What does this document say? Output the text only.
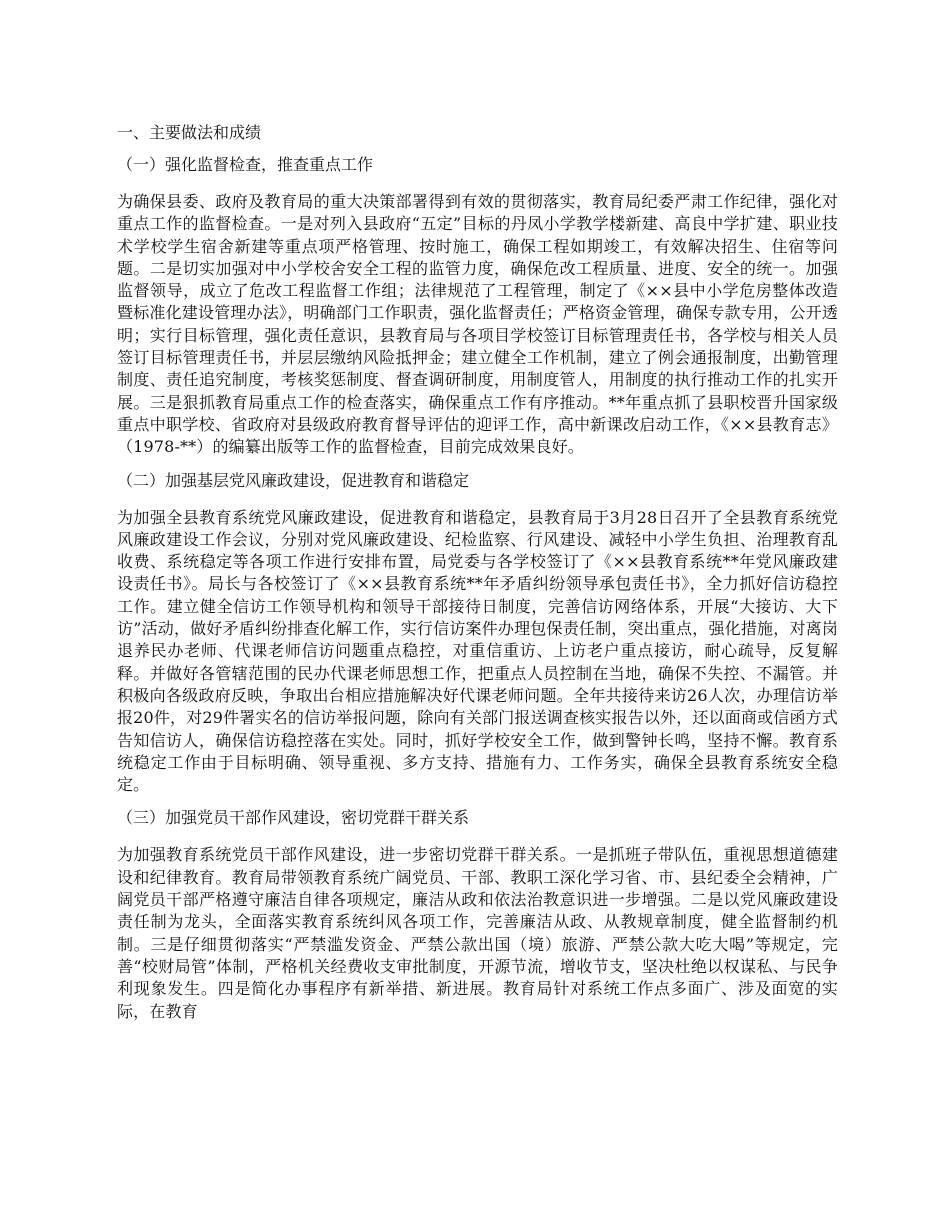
一、主要做法和成绩
（一）强化监督检查，推查重点工作
为确保县委、政府及教育局的重大决策部署得到有效的贯彻落实，教育局纪委严肃工作纪律，强化对重点工作的监督检查。一是对列入县政府“五定”目标的丹凤小学教学楼新建、高良中学扩建、职业技术学校学生宿舍新建等重点项严格管理、按时施工，确保工程如期竣工，有效解决招生、住宿等问题。二是切实加强对中小学校舍安全工程的监管力度，确保危改工程质量、进度、安全的统一。加强监督领导，成立了危改工程监督工作组；法律规范了工程管理，制定了《××县中小学危房整体改造暨标准化建设管理办法》，明确部门工作职责，强化监督责任；严格资金管理，确保专款专用，公开透明；实行目标管理，强化责任意识，县教育局与各项目学校签订目标管理责任书，各学校与相关人员签订目标管理责任书，并层层缴纳风险抵押金；建立健全工作机制，建立了例会通报制度，出勤管理制度、责任追究制度，考核奖惩制度、督查调研制度，用制度管人，用制度的执行推动工作的扎实开展。三是狠抓教育局重点工作的检查落实，确保重点工作有序推动。**年重点抓了县职校晋升国家级重点中职学校、省政府对县级政府教育督导评估的迎评工作，高中新课改启动工作，《××县教育志》（1978-**）的编纂出版等工作的监督检查，目前完成效果良好。
（二）加强基层党风廉政建设，促进教育和谐稳定
为加强全县教育系统党风廉政建设，促进教育和谐稳定，县教育局于3月28日召开了全县教育系统党风廉政建设工作会议，分别对党风廉政建设、纪检监察、行风建设、减轻中小学生负担、治理教育乱收费、系统稳定等各项工作进行安排布置，局党委与各学校签订了《××县教育系统**年党风廉政建设责任书》。局长与各校签订了《××县教育系统**年矛盾纠纷领导承包责任书》，全力抓好信访稳控工作。建立健全信访工作领导机构和领导干部接待日制度，完善信访网络体系，开展“大接访、大下访”活动，做好矛盾纠纷排查化解工作，实行信访案件办理包保责任制，突出重点，强化措施，对离岗退养民办老师、代课老师信访问题重点稳控，对重信重访、上访老户重点接访，耐心疏导，反复解释。并做好各管辖范围的民办代课老师思想工作，把重点人员控制在当地，确保不失控、不漏管。并积极向各级政府反映，争取出台相应措施解决好代课老师问题。全年共接待来访26人次，办理信访举报20件，对29件署实名的信访举报问题，除向有关部门报送调查核实报告以外，还以面商或信函方式告知信访人，确保信访稳控落在实处。同时，抓好学校安全工作，做到警钟长鸣，坚持不懈。教育系统稳定工作由于目标明确、领导重视、多方支持、措施有力、工作务实，确保全县教育系统安全稳定。
（三）加强党员干部作风建设，密切党群干群关系
为加强教育系统党员干部作风建设，进一步密切党群干群关系。一是抓班子带队伍，重视思想道德建设和纪律教育。教育局带领教育系统广阔党员、干部、教职工深化学习省、市、县纪委全会精神，广阔党员干部严格遵守廉洁自律各项规定，廉洁从政和依法治教意识进一步增强。二是以党风廉政建设责任制为龙头，全面落实教育系统纠风各项工作，完善廉洁从政、从教规章制度，健全监督制约机制。三是仔细贯彻落实“严禁滥发资金、严禁公款出国（境）旅游、严禁公款大吃大喝”等规定，完善“校财局管”体制，严格机关经费收支审批制度，开源节流，增收节支，坚决杜绝以权谋私、与民争利现象发生。四是简化办事程序有新举措、新进展。教育局针对系统工作点多面广、涉及面宽的实际，在教育
